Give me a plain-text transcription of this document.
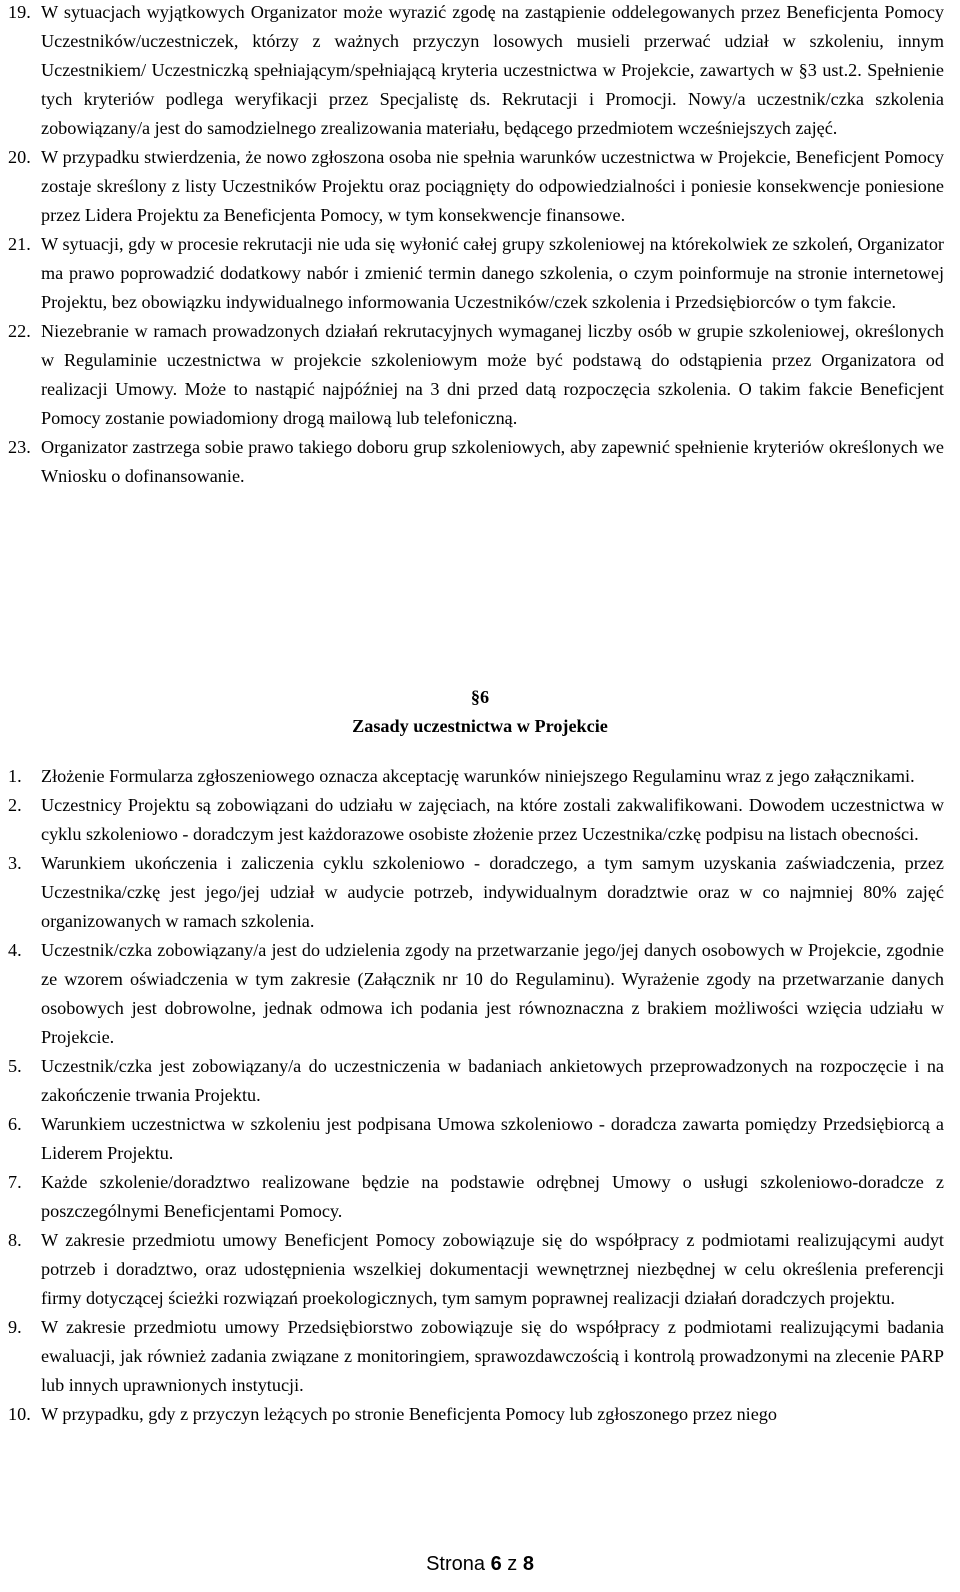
19. W sytuacjach wyjątkowych Organizator może wyrazić zgodę na zastąpienie oddelegowanych przez Beneficjenta Pomocy Uczestników/uczestniczek, którzy z ważnych przyczyn losowych musieli przerwać udział w szkoleniu, innym Uczestnikiem/ Uczestniczką spełniającym/spełniającą kryteria uczestnictwa w Projekcie, zawartych w §3 ust.2. Spełnienie tych kryteriów podlega weryfikacji przez Specjalistę ds. Rekrutacji i Promocji. Nowy/a uczestnik/czka szkolenia zobowiązany/a jest do samodzielnego zrealizowania materiału, będącego przedmiotem wcześniejszych zajęć.
20. W przypadku stwierdzenia, że nowo zgłoszona osoba nie spełnia warunków uczestnictwa w Projekcie, Beneficjent Pomocy zostaje skreślony z listy Uczestników Projektu oraz pociągnięty do odpowiedzialności i poniesie konsekwencje poniesione przez Lidera Projektu za Beneficjenta Pomocy, w tym konsekwencje finansowe.
21. W sytuacji, gdy w procesie rekrutacji nie uda się wyłonić całej grupy szkoleniowej na którekolwiek ze szkoleń, Organizator ma prawo poprowadzić dodatkowy nabór i zmienić termin danego szkolenia, o czym poinformuje na stronie internetowej Projektu, bez obowiązku indywidualnego informowania Uczestników/czek szkolenia i Przedsiębiorców o tym fakcie.
22. Niezebranie w ramach prowadzonych działań rekrutacyjnych wymaganej liczby osób w grupie szkoleniowej, określonych w Regulaminie uczestnictwa w projekcie szkoleniowym może być podstawą do odstąpienia przez Organizatora od realizacji Umowy. Może to nastąpić najpóźniej na 3 dni przed datą rozpoczęcia szkolenia. O takim fakcie Beneficjent Pomocy zostanie powiadomiony drogą mailową lub telefoniczną.
23. Organizator zastrzega sobie prawo takiego doboru grup szkoleniowych, aby zapewnić spełnienie kryteriów określonych we Wniosku o dofinansowanie.
§6
Zasady uczestnictwa w Projekcie
1. Złożenie Formularza zgłoszeniowego oznacza akceptację warunków niniejszego Regulaminu wraz z jego załącznikami.
2. Uczestnicy Projektu są zobowiązani do udziału w zajęciach, na które zostali zakwalifikowani. Dowodem uczestnictwa w cyklu szkoleniowo - doradczym jest każdorazowe osobiste złożenie przez Uczestnika/czkę podpisu na listach obecności.
3. Warunkiem ukończenia i zaliczenia cyklu szkoleniowo - doradczego, a tym samym uzyskania zaświadczenia, przez Uczestnika/czkę jest jego/jej udział w audycie potrzeb, indywidualnym doradztwie oraz w co najmniej 80% zajęć organizowanych w ramach szkolenia.
4. Uczestnik/czka zobowiązany/a jest do udzielenia zgody na przetwarzanie jego/jej danych osobowych w Projekcie, zgodnie ze wzorem oświadczenia w tym zakresie (Załącznik nr 10 do Regulaminu). Wyrażenie zgody na przetwarzanie danych osobowych jest dobrowolne, jednak odmowa ich podania jest równoznaczna z brakiem możliwości wzięcia udziału w Projekcie.
5. Uczestnik/czka jest zobowiązany/a do uczestniczenia w badaniach ankietowych przeprowadzonych na rozpoczęcie i na zakończenie trwania Projektu.
6. Warunkiem uczestnictwa w szkoleniu jest podpisana Umowa szkoleniowo - doradcza zawarta pomiędzy Przedsiębiorcą a Liderem Projektu.
7. Każde szkolenie/doradztwo realizowane będzie na podstawie odrębnej Umowy o usługi szkoleniowo-doradcze z poszczególnymi Beneficjentami Pomocy.
8. W zakresie przedmiotu umowy Beneficjent Pomocy zobowiązuje się do współpracy z podmiotami realizującymi audyt potrzeb i doradztwo, oraz udostępnienia wszelkiej dokumentacji wewnętrznej niezbędnej w celu określenia preferencji firmy dotyczącej ścieżki rozwiązań proekologicznych, tym samym poprawnej realizacji działań doradczych projektu.
9. W zakresie przedmiotu umowy Przedsiębiorstwo zobowiązuje się do współpracy z podmiotami realizującymi badania ewaluacji, jak również zadania związane z monitoringiem, sprawozdawczością i kontrolą prowadzonymi na zlecenie PARP lub innych uprawnionych instytucji.
10. W przypadku, gdy z przyczyn leżących po stronie Beneficjenta Pomocy lub zgłoszonego przez niego
Strona 6 z 8
